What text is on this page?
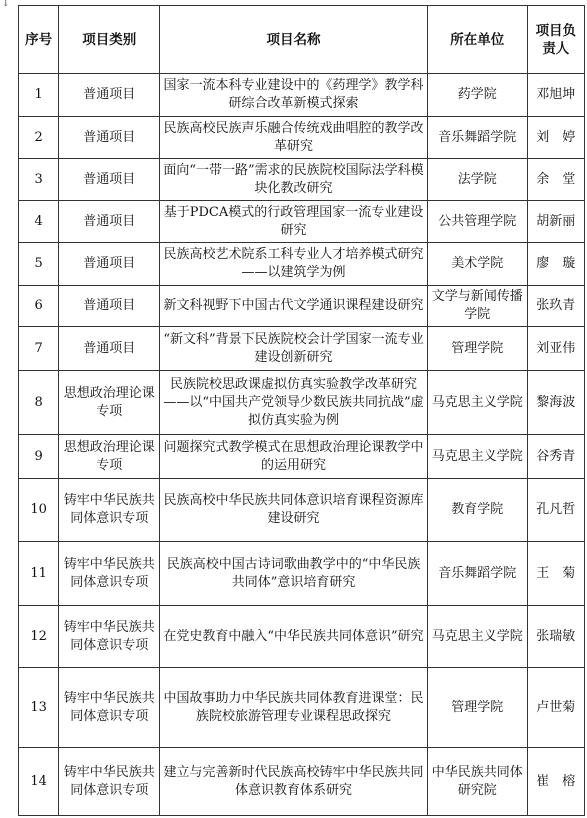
↓
序号	项目类别	项目名称	所在单位	项目负责人
1	普通项目	国家一流本科专业建设中的《药理学》教学科研综合改革新模式探索	药学院	邓旭坤
2	普通项目	民族高校民族声乐融合传统戏曲唱腔的教学改革研究	音乐舞蹈学院	刘　婷
3	普通项目	面向“一带一路”需求的民族院校国际法学科模块化教改研究	法学院	余　堂
4	普通项目	基于PDCA模式的行政管理国家一流专业建设研究	公共管理学院	胡新丽
5	普通项目	民族高校艺术院系工科专业人才培养模式研究——以建筑学为例	美术学院	廖　璇
6	普通项目	新文科视野下中国古代文学通识课程建设研究	文学与新闻传播学院	张玖青
7	普通项目	“新文科”背景下民族院校会计学国家一流专业建设创新研究	管理学院	刘亚伟
8	思想政治理论课专项	民族院校思政课虚拟仿真实验教学改革研究——以“中国共产党领导少数民族共同抗战”虚拟仿真实验为例	马克思主义学院	黎海波
9	思想政治理论课专项	问题探究式教学模式在思想政治理论课教学中的运用研究	马克思主义学院	谷秀青
10	铸牢中华民族共同体意识专项	民族高校中华民族共同体意识培育课程资源库建设研究	教育学院	孔凡哲
11	铸牢中华民族共同体意识专项	民族高校中国古诗词歌曲教学中的“中华民族共同体”意识培育研究	音乐舞蹈学院	王　菊
12	铸牢中华民族共同体意识专项	在党史教育中融入“中华民族共同体意识”研究	马克思主义学院	张瑞敏
13	铸牢中华民族共同体意识专项	中国故事助力中华民族共同体教育进课堂：民族院校旅游管理专业课程思政探究	管理学院	卢世菊
14	铸牢中华民族共同体意识专项	建立与完善新时代民族高校铸牢中华民族共同体意识教育体系研究	中华民族共同体研究院	崔　榕
